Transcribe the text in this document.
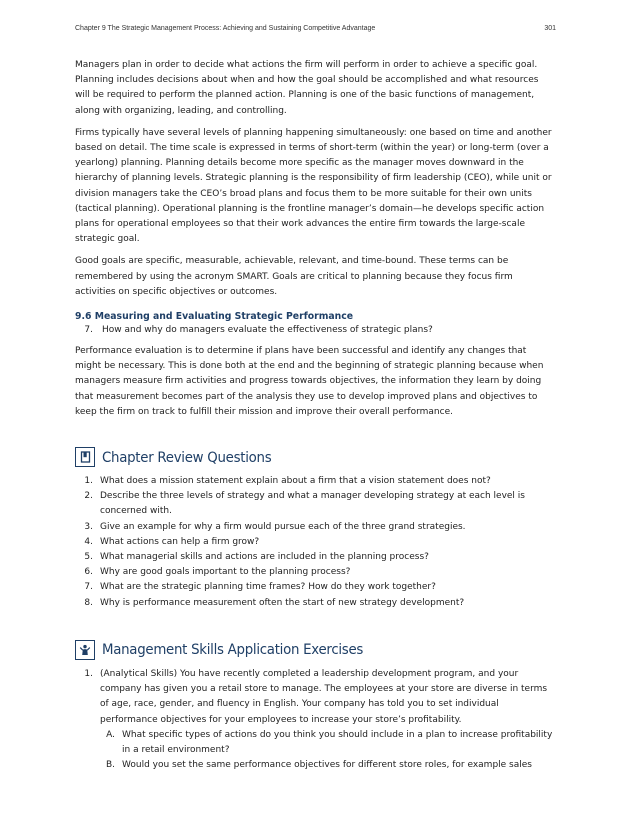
Chapter 9 The Strategic Management Process: Achieving and Sustaining Competitive Advantage	301

Managers plan in order to decide what actions the firm will perform in order to achieve a specific goal. Planning includes decisions about when and how the goal should be accomplished and what resources will be required to perform the planned action. Planning is one of the basic functions of management, along with organizing, leading, and controlling.

Firms typically have several levels of planning happening simultaneously: one based on time and another based on detail. The time scale is expressed in terms of short-term (within the year) or long-term (over a yearlong) planning. Planning details become more specific as the manager moves downward in the hierarchy of planning levels. Strategic planning is the responsibility of firm leadership (CEO), while unit or division managers take the CEO’s broad plans and focus them to be more suitable for their own units (tactical planning). Operational planning is the frontline manager’s domain—he develops specific action plans for operational employees so that their work advances the entire firm towards the large-scale strategic goal.

Good goals are specific, measurable, achievable, relevant, and time-bound. These terms can be remembered by using the acronym SMART. Goals are critical to planning because they focus firm activities on specific objectives or outcomes.

9.6 Measuring and Evaluating Strategic Performance
7.	How and why do managers evaluate the effectiveness of strategic plans?

Performance evaluation is to determine if plans have been successful and identify any changes that might be necessary. This is done both at the end and the beginning of strategic planning because when managers measure firm activities and progress towards objectives, the information they learn by doing that measurement becomes part of the analysis they use to develop improved plans and objectives to keep the firm on track to fulfill their mission and improve their overall performance.

Chapter Review Questions
1. What does a mission statement explain about a firm that a vision statement does not?
2. Describe the three levels of strategy and what a manager developing strategy at each level is concerned with.
3. Give an example for why a firm would pursue each of the three grand strategies.
4. What actions can help a firm grow?
5. What managerial skills and actions are included in the planning process?
6. Why are good goals important to the planning process?
7. What are the strategic planning time frames? How do they work together?
8. Why is performance measurement often the start of new strategy development?
Management Skills Application Exercises
1. (Analytical Skills) You have recently completed a leadership development program, and your company has given you a retail store to manage. The employees at your store are diverse in terms of age, race, gender, and fluency in English. Your company has told you to set individual performance objectives for your employees to increase your store’s profitability.
A. What specific types of actions do you think you should include in a plan to increase profitability in a retail environment?
B. Would you set the same performance objectives for different store roles, for example sales
